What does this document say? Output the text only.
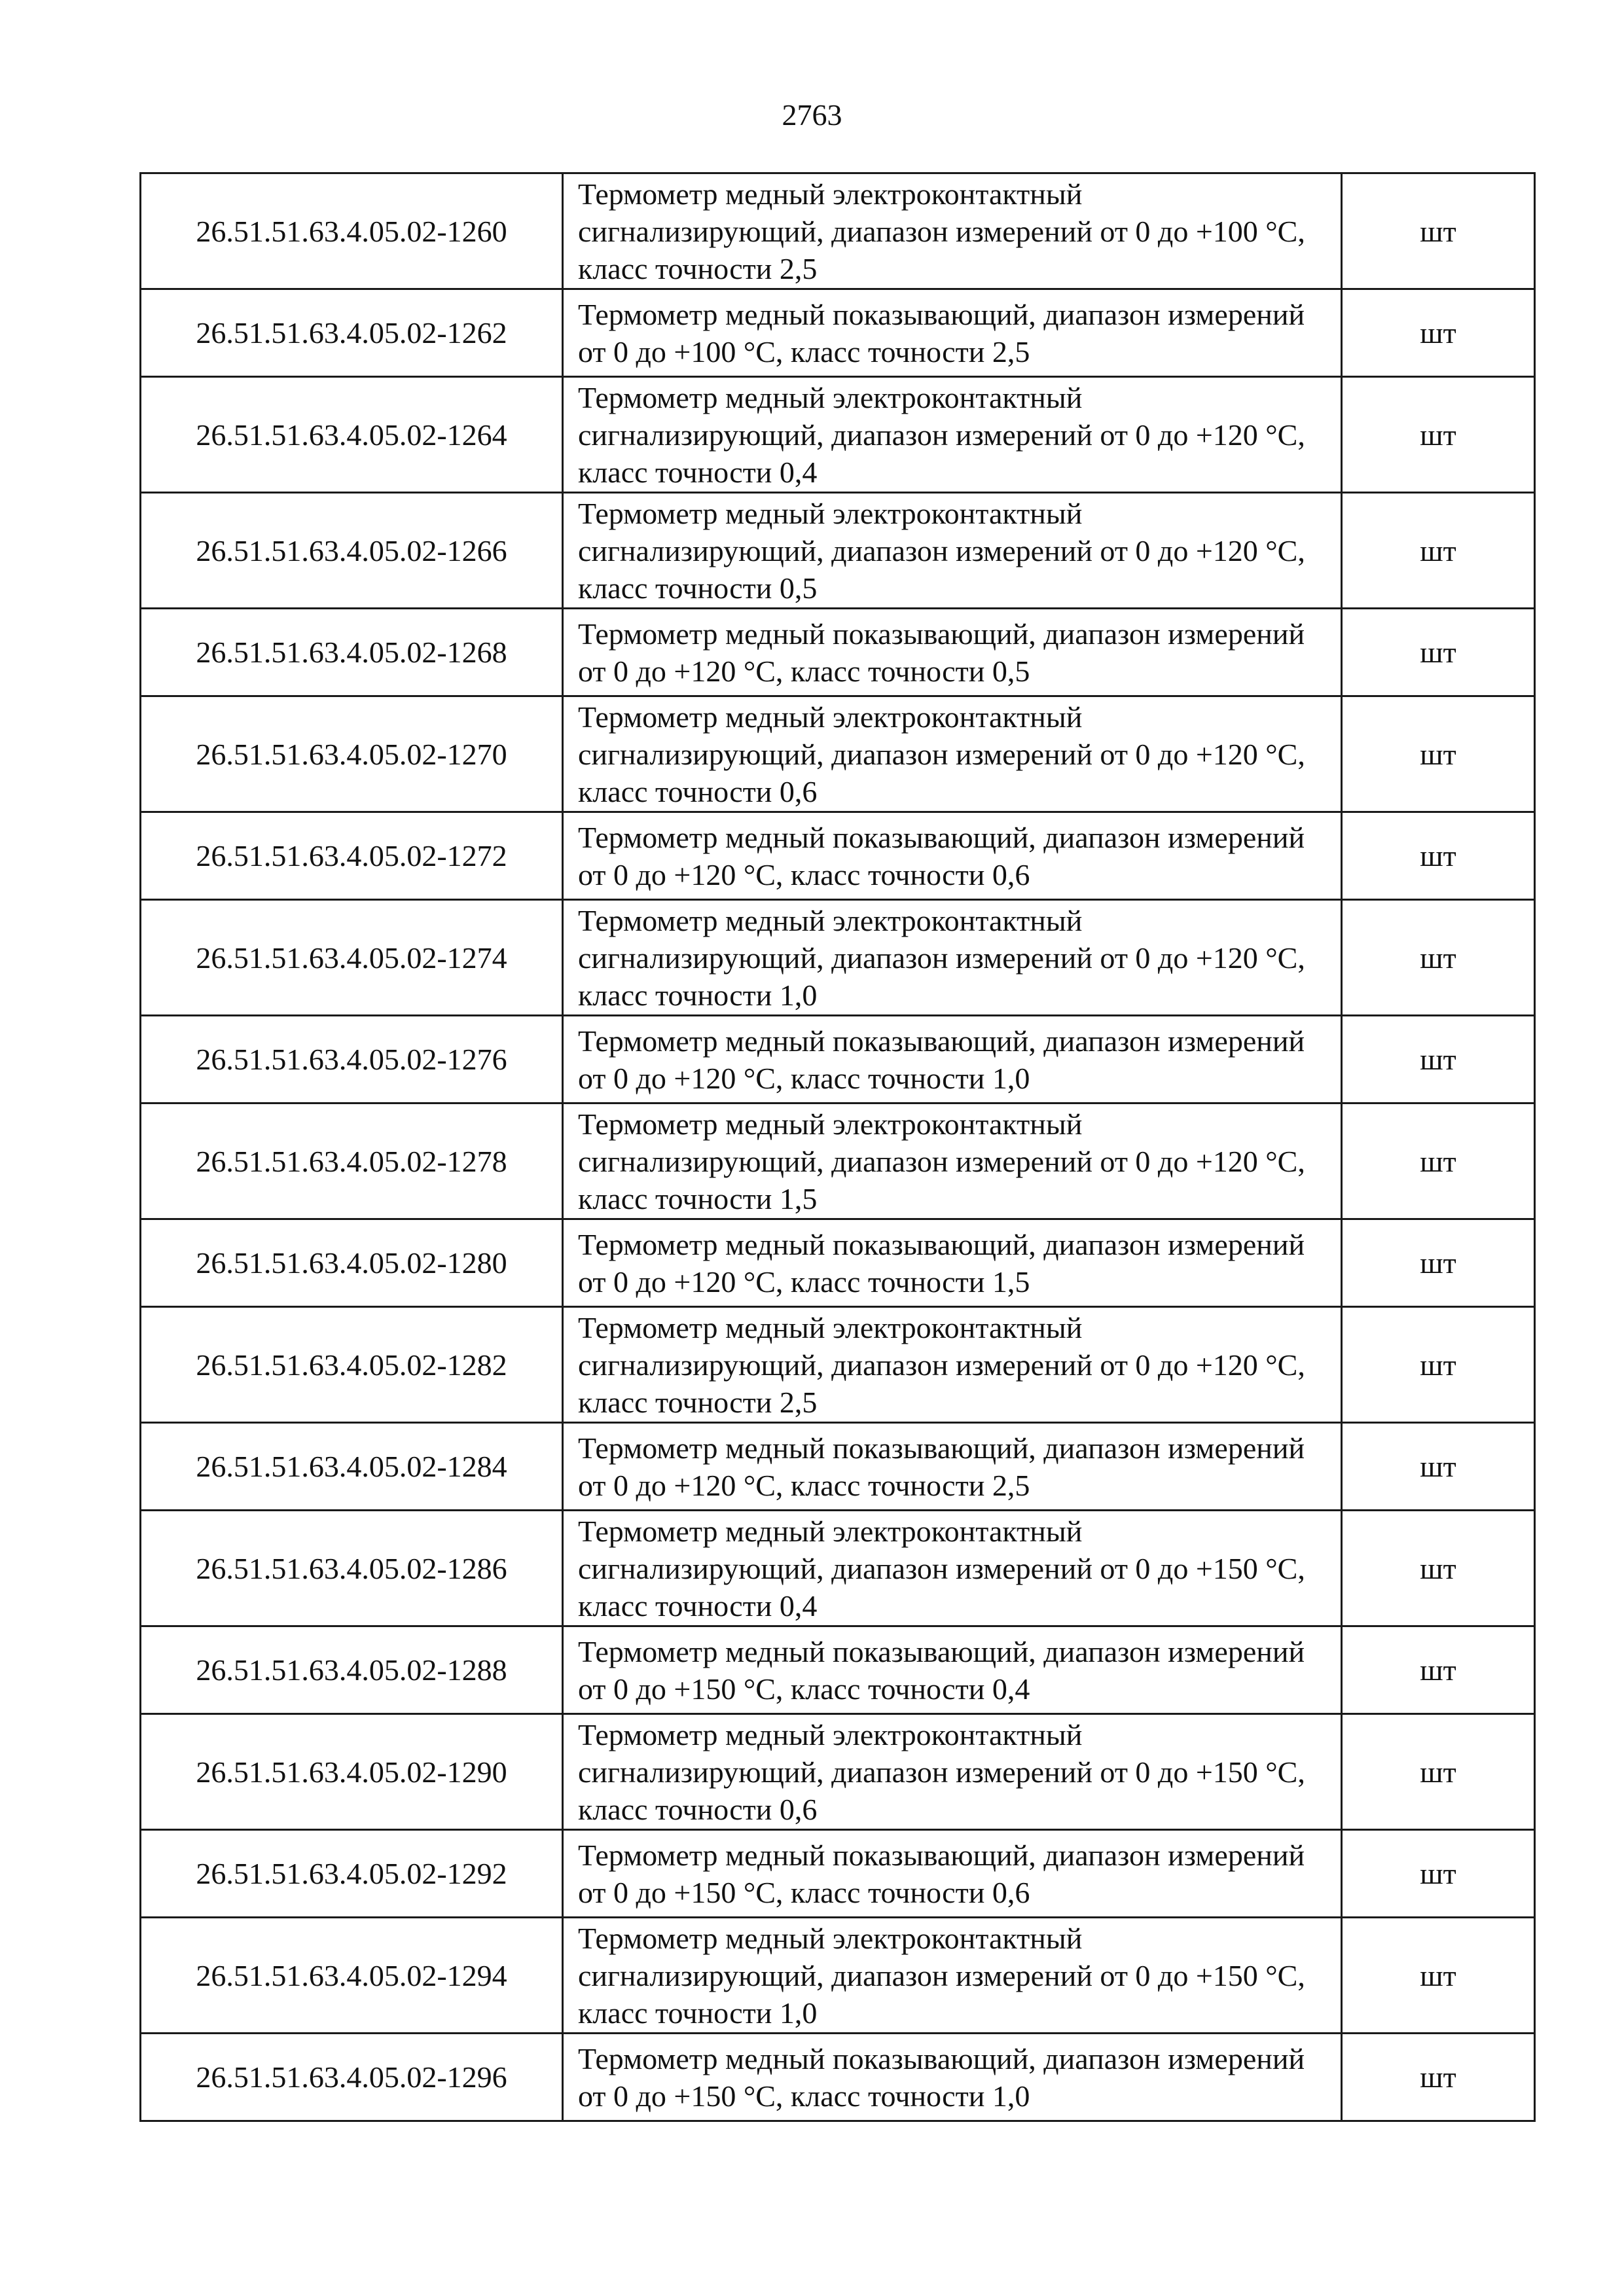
2763
26.51.51.63.4.05.02-1260	Термометр медный электроконтактный сигнализирующий, диапазон измерений от 0 до +100 °С, класс точности 2,5	шт
26.51.51.63.4.05.02-1262	Термометр медный показывающий, диапазон измерений от 0 до +100 °С, класс точности 2,5	шт
26.51.51.63.4.05.02-1264	Термометр медный электроконтактный сигнализирующий, диапазон измерений от 0 до +120 °С, класс точности 0,4	шт
26.51.51.63.4.05.02-1266	Термометр медный электроконтактный сигнализирующий, диапазон измерений от 0 до +120 °С, класс точности 0,5	шт
26.51.51.63.4.05.02-1268	Термометр медный показывающий, диапазон измерений от 0 до +120 °С, класс точности 0,5	шт
26.51.51.63.4.05.02-1270	Термометр медный электроконтактный сигнализирующий, диапазон измерений от 0 до +120 °С, класс точности 0,6	шт
26.51.51.63.4.05.02-1272	Термометр медный показывающий, диапазон измерений от 0 до +120 °С, класс точности 0,6	шт
26.51.51.63.4.05.02-1274	Термометр медный электроконтактный сигнализирующий, диапазон измерений от 0 до +120 °С, класс точности 1,0	шт
26.51.51.63.4.05.02-1276	Термометр медный показывающий, диапазон измерений от 0 до +120 °С, класс точности 1,0	шт
26.51.51.63.4.05.02-1278	Термометр медный электроконтактный сигнализирующий, диапазон измерений от 0 до +120 °С, класс точности 1,5	шт
26.51.51.63.4.05.02-1280	Термометр медный показывающий, диапазон измерений от 0 до +120 °С, класс точности 1,5	шт
26.51.51.63.4.05.02-1282	Термометр медный электроконтактный сигнализирующий, диапазон измерений от 0 до +120 °С, класс точности 2,5	шт
26.51.51.63.4.05.02-1284	Термометр медный показывающий, диапазон измерений от 0 до +120 °С, класс точности 2,5	шт
26.51.51.63.4.05.02-1286	Термометр медный электроконтактный сигнализирующий, диапазон измерений от 0 до +150 °С, класс точности 0,4	шт
26.51.51.63.4.05.02-1288	Термометр медный показывающий, диапазон измерений от 0 до +150 °С, класс точности 0,4	шт
26.51.51.63.4.05.02-1290	Термометр медный электроконтактный сигнализирующий, диапазон измерений от 0 до +150 °С, класс точности 0,6	шт
26.51.51.63.4.05.02-1292	Термометр медный показывающий, диапазон измерений от 0 до +150 °С, класс точности 0,6	шт
26.51.51.63.4.05.02-1294	Термометр медный электроконтактный сигнализирующий, диапазон измерений от 0 до +150 °С, класс точности 1,0	шт
26.51.51.63.4.05.02-1296	Термометр медный показывающий, диапазон измерений от 0 до +150 °С, класс точности 1,0	шт
